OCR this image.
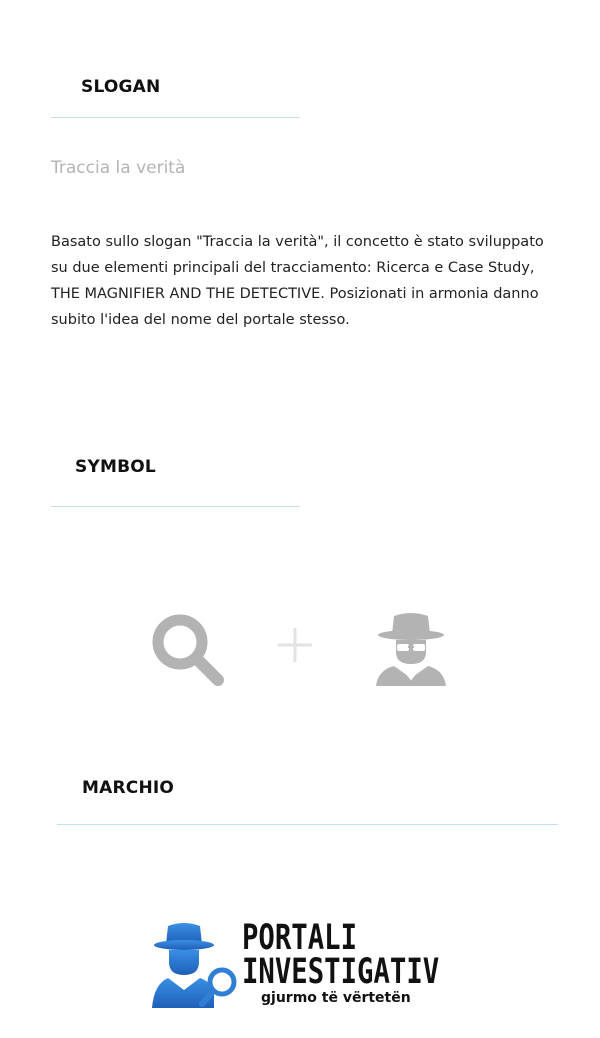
SLOGAN

Traccia la verità

Basato sullo slogan "Traccia la verità", il concetto è stato sviluppato su due elementi principali del tracciamento: Ricerca e Case Study, THE MAGNIFIER AND THE DETECTIVE. Posizionati in armonia danno subito l'idea del nome del portale stesso.

SYMBOL
MARCHIO

PORTALI

INVESTIGATIV

gjurmo të vërtetën
